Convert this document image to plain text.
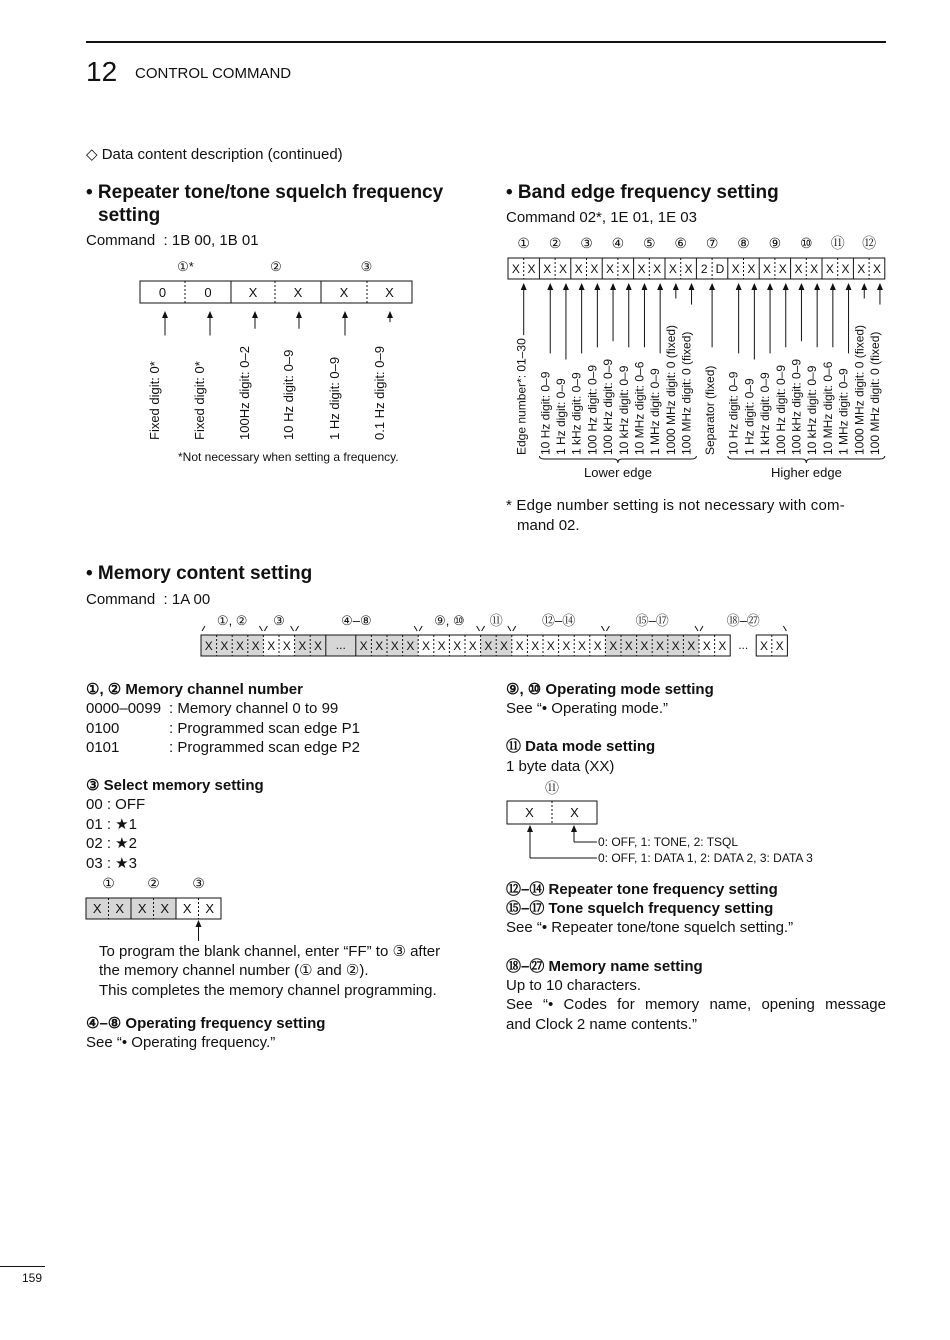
12 CONTROL COMMAND
◇ Data content description (continued)
• Repeater tone/tone squelch frequency
setting
Command  : 1B 00, 1B 01
0	0	X	X	X	X
①*	②	③
Fixed digit: 0* Fixed digit: 0* 100Hz digit: 0–2 10 Hz digit: 0–9 1 Hz digit: 0–9 0.1 Hz digit: 0–9
*Not necessary when setting a frequency.
• Band edge frequency setting
Command 02*, 1E 01, 1E 03
X X X X X X X X X X X X 2 D X X X X X X X X X X
① ② ③ ④ ⑤ ⑥ ⑦ ⑧ ⑨ ⑩ ⑪ ⑫
Edge number*: 01–30 10 Hz digit: 0–9 1 Hz digit: 0–9 1 kHz digit: 0–9 100 Hz digit: 0–9 100 kHz digit: 0–9 10 kHz digit: 0–9 10 MHz digit: 0–6 1 MHz digit: 0–9 1000 MHz digit: 0 (fixed) 100 MHz digit: 0 (fixed) Separator (fixed) 10 Hz digit: 0–9 1 Hz digit: 0–9 1 kHz digit: 0–9 100 Hz digit: 0–9 100 kHz digit: 0–9 10 kHz digit: 0–9 10 MHz digit: 0–6 1 MHz digit: 0–9 1000 MHz digit: 0 (fixed) 100 MHz digit: 0 (fixed)
Lower edge	Higher edge
* Edge number setting is not necessary with com-
mand 02.
• Memory content setting
Command  : 1A 00
X X X X X X X X	X X X X X X X X X X X X X X X X X X X X X X X X	X X
...	...
①, ② ③	④–⑧	⑨, ⑩ ⑪	⑫–⑭	⑮–⑰	⑱–㉗
①, ② Memory channel number
0000–0099 : Memory channel 0 to 99
0100	: Programmed scan edge P1
0101	: Programmed scan edge P2
③ Select memory setting
00 : OFF
01 : ★1
02 : ★2
03 : ★3
X X X X X X
① ② ③
To program the blank channel, enter “FF” to ③ after
the memory channel number (① and ②).
This completes the memory channel programming.
④–⑧ Operating frequency setting
See “• Operating frequency.”
⑨, ⑩ Operating mode setting
See “• Operating mode.”
⑪ Data mode setting
1 byte data (XX)
X	X
⑪
0: OFF, 1: TONE, 2: TSQL
0: OFF, 1: DATA 1, 2: DATA 2, 3: DATA 3
⑫–⑭ Repeater tone frequency setting
⑮–⑰ Tone squelch frequency setting
See “• Repeater tone/tone squelch setting.”
⑱–㉗ Memory name setting
Up to 10 characters.
See “• Codes for memory name, opening message
and Clock 2 name contents.”
159
